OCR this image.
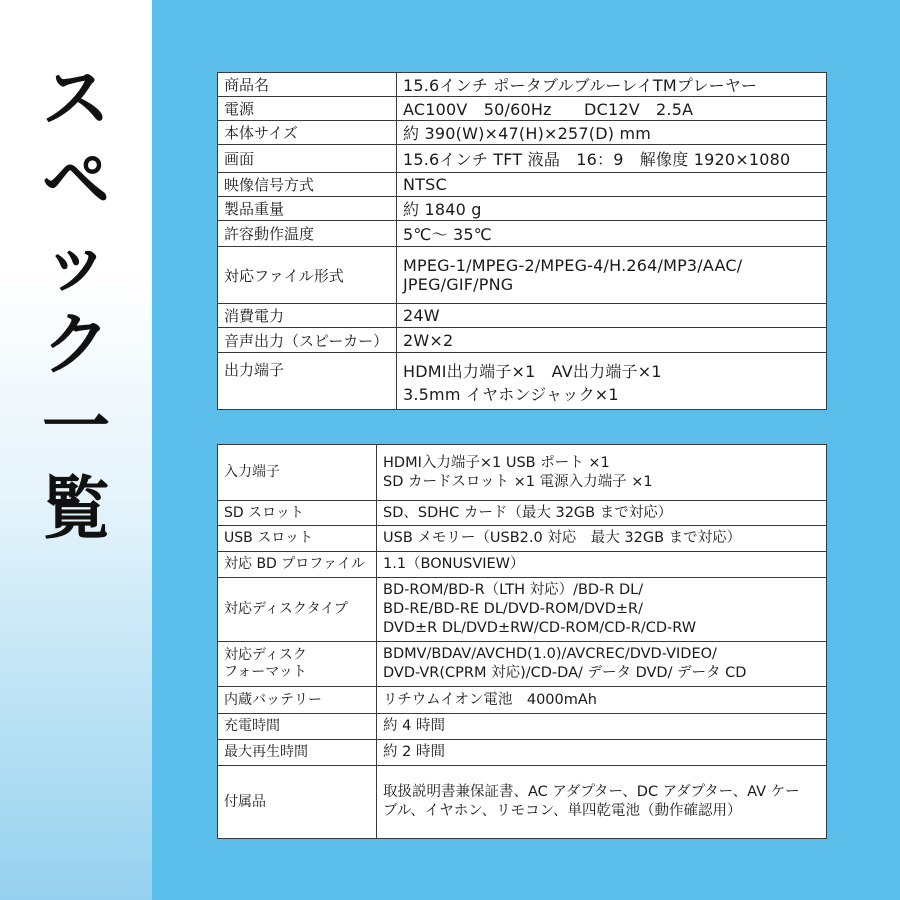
ス
ペ
ッ
ク
一
覧
商品名	15.6インチ ポータブルブルーレイTMプレーヤー
電源	AC100V　50/60Hz　　DC12V　2.5A
本体サイズ	約 390(W)×47(H)×257(D) mm
画面	15.6インチ TFT 液晶　16：9　解像度 1920×1080
映像信号方式	NTSC
製品重量	約 1840 g
許容動作温度	5℃～ 35℃
対応ファイル形式	MPEG-1/MPEG-2/MPEG-4/H.264/MP3/AAC/
JPEG/GIF/PNG

消費電力	24W
音声出力（スピーカー）	2W×2
出力端子	HDMI出力端子×1　AV出力端子×1
3.5mm イヤホンジャック×1
入力端子	HDMI入力端子×1 USB ポート ×1
SD カードスロット ×1 電源入力端子 ×1

SD スロット	SD、SDHC カード（最大 32GB まで対応）
USB スロット	USB メモリー（USB2.0 対応　最大 32GB まで対応）
対応 BD プロファイル	1.1（BONUSVIEW）
対応ディスクタイプ	BD-ROM/BD-R（LTH 対応）/BD-R DL/
BD-RE/BD-RE DL/DVD-ROM/DVD±R/
DVD±R DL/DVD±RW/CD-ROM/CD-R/CD-RW

対応ディスク
フォーマット	BDMV/BDAV/AVCHD(1.0)/AVCREC/DVD-VIDEO/
DVD-VR(CPRM 対応)/CD-DA/ データ DVD/ データ CD

内蔵バッテリー	リチウムイオン電池　4000mAh
充電時間	約 4 時間
最大再生時間	約 2 時間
付属品	取扱説明書兼保証書、AC アダプター、DC アダプター、AV ケー
ブル、イヤホン、リモコン、単四乾電池（動作確認用）
